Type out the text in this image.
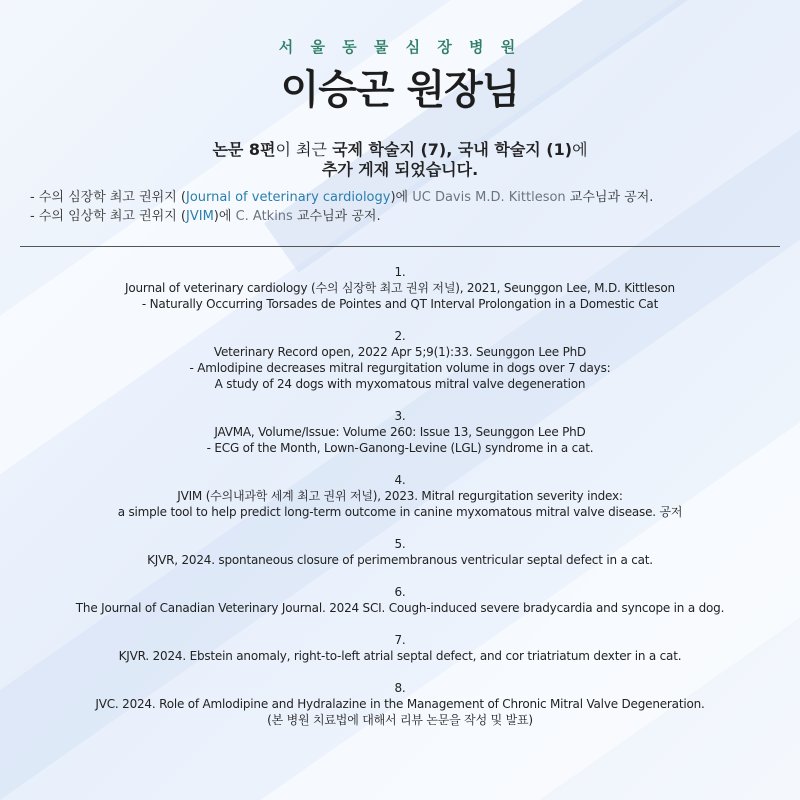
서 울 동 물 심 장 병 원
이승곤 원장님
논문 8편이 최근 국제 학술지 (7), 국내 학술지 (1)에
추가 게재 되었습니다.
- 수의 심장학 최고 권위지 (Journal of veterinary cardiology)에 UC Davis M.D. Kittleson 교수님과 공저.
- 수의 임상학 최고 권위지 (JVIM)에 C. Atkins 교수님과 공저.
1.
Journal of veterinary cardiology (수의 심장학 최고 권위 저널), 2021, Seunggon Lee, M.D. Kittleson
- Naturally Occurring Torsades de Pointes and QT Interval Prolongation in a Domestic Cat
2.
Veterinary Record open, 2022 Apr 5;9(1):33. Seunggon Lee PhD
- Amlodipine decreases mitral regurgitation volume in dogs over 7 days:
A study of 24 dogs with myxomatous mitral valve degeneration
3.
JAVMA, Volume/Issue: Volume 260: Issue 13, Seunggon Lee PhD
- ECG of the Month, Lown-Ganong-Levine (LGL) syndrome in a cat.
4.
JVIM (수의내과학 세계 최고 권위 저널), 2023. Mitral regurgitation severity index:
a simple tool to help predict long-term outcome in canine myxomatous mitral valve disease. 공저
5.
KJVR, 2024. spontaneous closure of perimembranous ventricular septal defect in a cat.
6.
The Journal of Canadian Veterinary Journal. 2024 SCI. Cough-induced severe bradycardia and syncope in a dog.
7.
KJVR. 2024. Ebstein anomaly, right-to-left atrial septal defect, and cor triatriatum dexter in a cat.
8.
JVC. 2024. Role of Amlodipine and Hydralazine in the Management of Chronic Mitral Valve Degeneration.
(본 병원 치료법에 대해서 리뷰 논문을 작성 및 발표)
